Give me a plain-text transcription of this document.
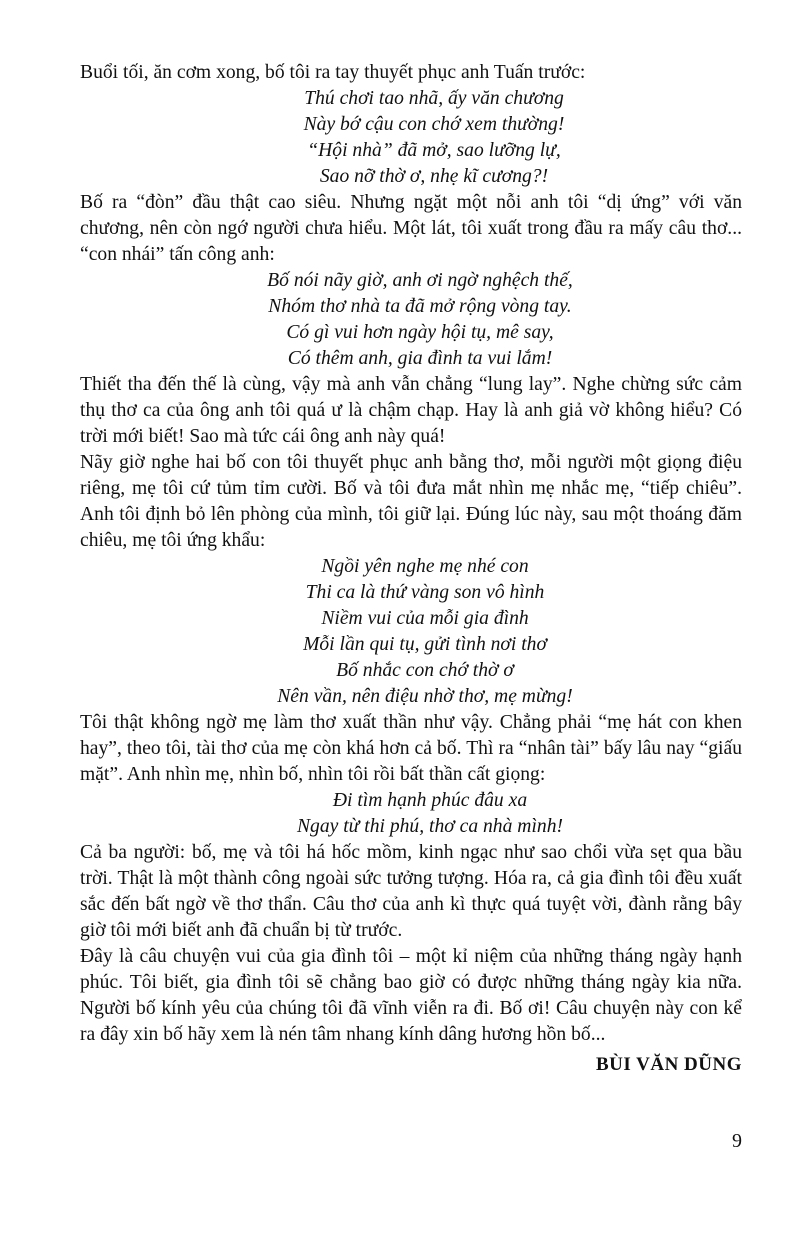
Buổi tối, ăn cơm xong, bố tôi ra tay thuyết phục anh Tuấn trước:

Thú chơi tao nhã, ấy văn chương
Này bớ cậu con chớ xem thường!
“Hội nhà” đã mở, sao lưỡng lự,
Sao nỡ thờ ơ, nhẹ kĩ cương?!

Bố ra “đòn” đầu thật cao siêu. Nhưng ngặt một nỗi anh tôi “dị ứng” với văn chương, nên còn ngớ người chưa hiểu. Một lát, tôi xuất trong đầu ra mấy câu thơ... “con nhái” tấn công anh:

Bố nói nãy giờ, anh ơi ngờ nghệch thế,
Nhóm thơ nhà ta đã mở rộng vòng tay.
Có gì vui hơn ngày hội tụ, mê say,
Có thêm anh, gia đình ta vui lắm!

Thiết tha đến thế là cùng, vậy mà anh vẫn chẳng “lung lay”. Nghe chừng sức cảm thụ thơ ca của ông anh tôi quá ư là chậm chạp. Hay là anh giả vờ không hiểu? Có trời mới biết! Sao mà tức cái ông anh này quá!

Nãy giờ nghe hai bố con tôi thuyết phục anh bằng thơ, mỗi người một giọng điệu riêng, mẹ tôi cứ tủm tỉm cười. Bố và tôi đưa mắt nhìn mẹ nhắc mẹ, “tiếp chiêu”. Anh tôi định bỏ lên phòng của mình, tôi giữ lại. Đúng lúc này, sau một thoáng đăm chiêu, mẹ tôi ứng khẩu:

Ngồi yên nghe mẹ nhé con
Thi ca là thứ vàng son vô hình
Niềm vui của mỗi gia đình
Mỗi lần qui tụ, gửi tình nơi thơ
Bố nhắc con chớ thờ ơ
Nên vần, nên điệu nhờ thơ, mẹ mừng!

Tôi thật không ngờ mẹ làm thơ xuất thần như vậy. Chẳng phải “mẹ hát con khen hay”, theo tôi, tài thơ của mẹ còn khá hơn cả bố. Thì ra “nhân tài” bấy lâu nay “giấu mặt”. Anh nhìn mẹ, nhìn bố, nhìn tôi rồi bất thần cất giọng:

Đi tìm hạnh phúc đâu xa
Ngay từ thi phú, thơ ca nhà mình!

Cả ba người: bố, mẹ và tôi há hốc mồm, kinh ngạc như sao chổi vừa sẹt qua bầu trời. Thật là một thành công ngoài sức tưởng tượng. Hóa ra, cả gia đình tôi đều xuất sắc đến bất ngờ về thơ thẩn. Câu thơ của anh kì thực quá tuyệt vời, đành rằng bây giờ tôi mới biết anh đã chuẩn bị từ trước.

Đây là câu chuyện vui của gia đình tôi – một kỉ niệm của những tháng ngày hạnh phúc. Tôi biết, gia đình tôi sẽ chẳng bao giờ có được những tháng ngày kia nữa. Người bố kính yêu của chúng tôi đã vĩnh viễn ra đi. Bố ơi! Câu chuyện này con kể ra đây xin bố hãy xem là nén tâm nhang kính dâng hương hồn bố...

BÙI VĂN DŨNG
9
